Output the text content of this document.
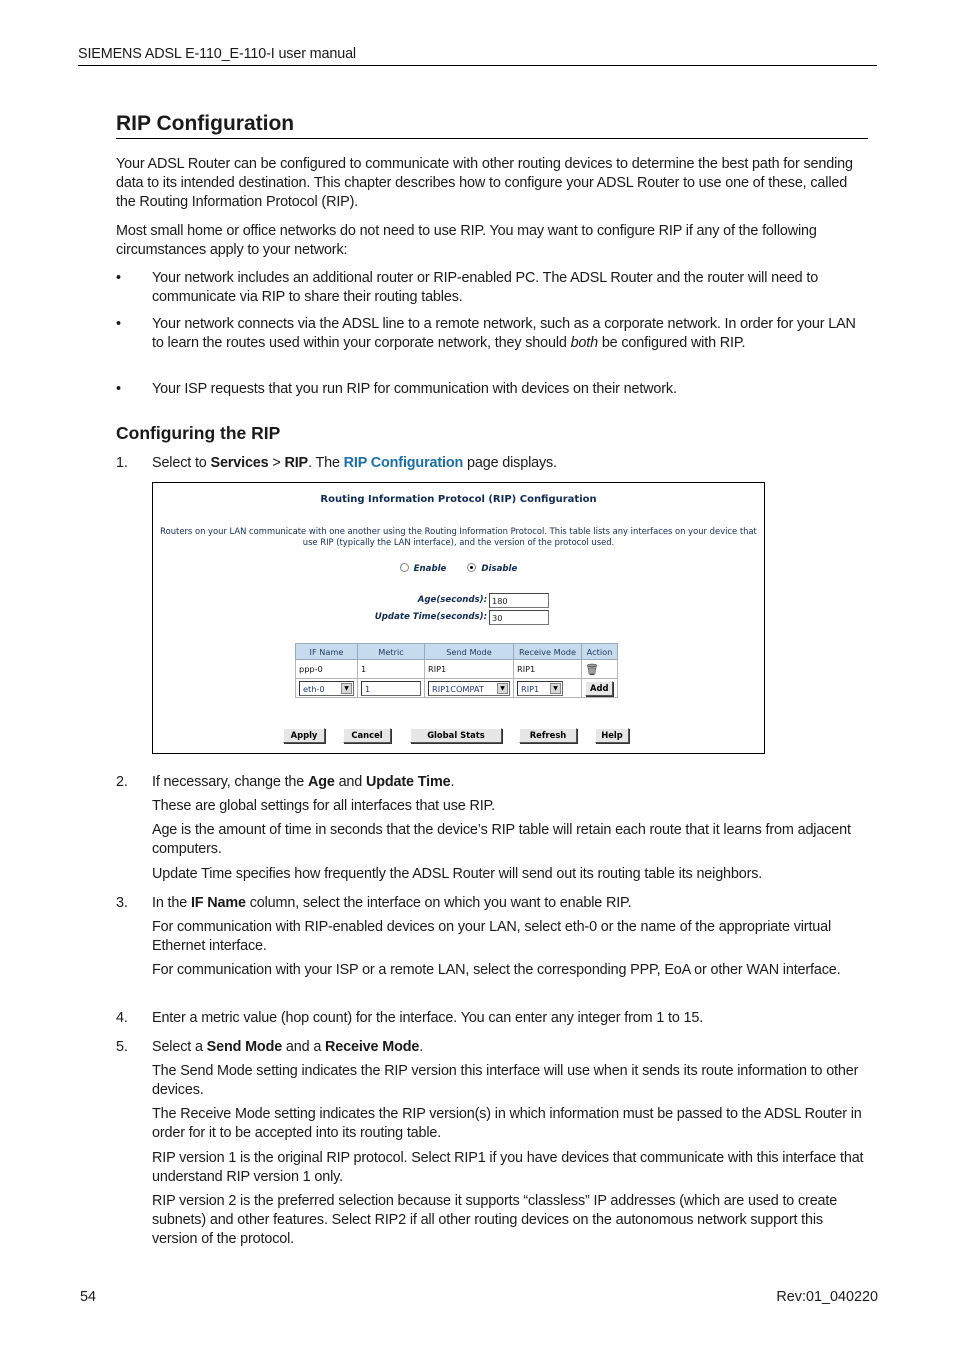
SIEMENS ADSL E-110_E-110-I user manual
RIP Configuration

Your ADSL Router can be configured to communicate with other routing devices to determine the best path for sending data to its intended destination. This chapter describes how to configure your ADSL Router to use one of these, called the Routing Information Protocol (RIP).

Most small home or office networks do not need to use RIP. You may want to configure RIP if any of the following circumstances apply to your network:

•	Your network includes an additional router or RIP-enabled PC. The ADSL Router and the router will need to communicate via RIP to share their routing tables.
•	Your network connects via the ADSL line to a remote network, such as a corporate network. In order for your LAN to learn the routes used within your corporate network, they should both be configured with RIP.
•	Your ISP requests that you run RIP for communication with devices on their network.
Configuring the RIP
1. Select to Services > RIP. The RIP Configuration page displays.
Routing Information Protocol (RIP) Configuration
Routers on your LAN communicate with one another using the Routing Information Protocol. This table lists any interfaces on your device that use RIP (typically the LAN interface), and the version of the protocol used.
Enable	Disable
Age(seconds): 180
Update Time(seconds): 30
IF Name	Metric	Send Mode	Receive Mode	Action
ppp-0	1	RIP1	RIP1	🗑
eth-0 ▼	1	RIP1COMPAT ▼	RIP1 ▼	Add
Apply	Cancel	Global Stats	Refresh	Help
2. If necessary, change the Age and Update Time.

These are global settings for all interfaces that use RIP.

Age is the amount of time in seconds that the device’s RIP table will retain each route that it learns from adjacent computers.

Update Time specifies how frequently the ADSL Router will send out its routing table its neighbors.

3. In the IF Name column, select the interface on which you want to enable RIP.

For communication with RIP-enabled devices on your LAN, select eth-0 or the name of the appropriate virtual Ethernet interface.

For communication with your ISP or a remote LAN, select the corresponding PPP, EoA or other WAN interface.

4. Enter a metric value (hop count) for the interface. You can enter any integer from 1 to 15.
5. Select a Send Mode and a Receive Mode.

The Send Mode setting indicates the RIP version this interface will use when it sends its route information to other devices.

The Receive Mode setting indicates the RIP version(s) in which information must be passed to the ADSL Router in order for it to be accepted into its routing table.

RIP version 1 is the original RIP protocol. Select RIP1 if you have devices that communicate with this interface that understand RIP version 1 only.

RIP version 2 is the preferred selection because it supports “classless” IP addresses (which are used to create subnets) and other features. Select RIP2 if all other routing devices on the autonomous network support this version of the protocol.

54	Rev:01_040220
